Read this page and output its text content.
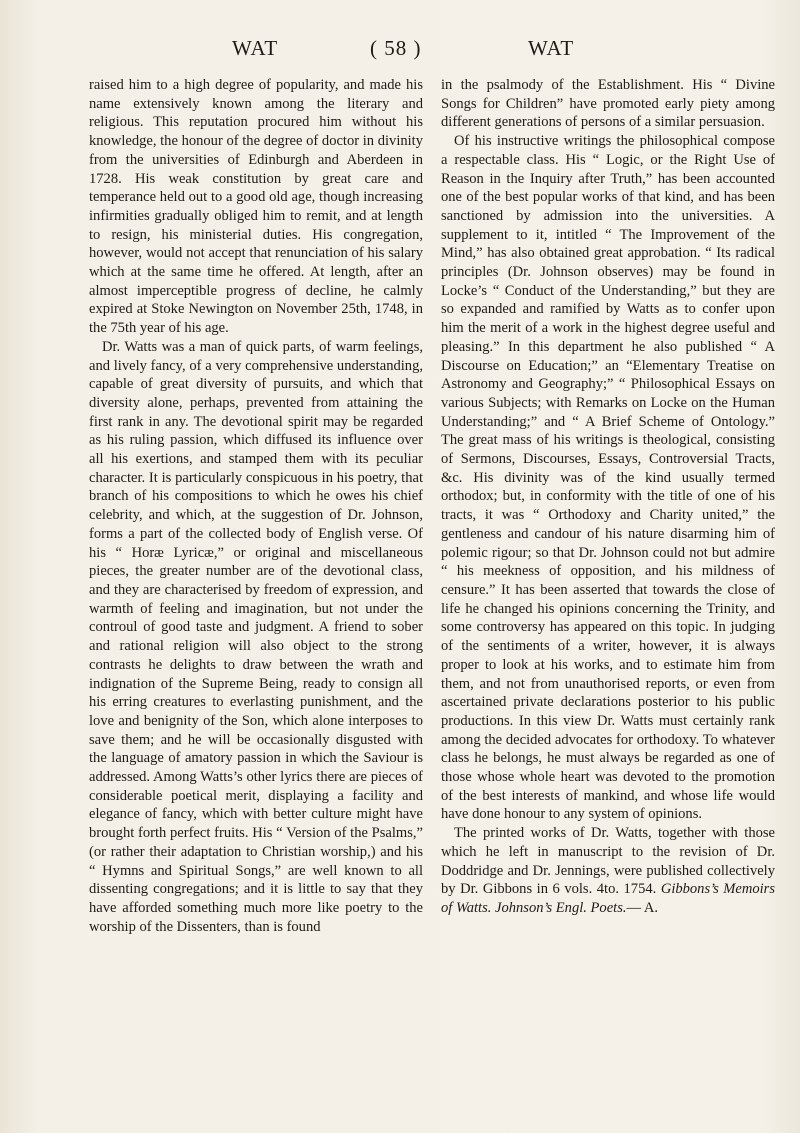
WAT	( 58 )	WAT

raised him to a high degree of popularity, and made his name extensively known among the literary and religious. This reputation procured him without his knowledge, the honour of the degree of doctor in divinity from the universities of Edinburgh and Aberdeen in 1728. His weak constitution by great care and temperance held out to a good old age, though increasing infirmities gradually obliged him to remit, and at length to resign, his ministerial duties. His congregation, however, would not accept that renunciation of his salary which at the same time he offered. At length, after an almost imperceptible progress of decline, he calmly expired at Stoke Newington on November 25th, 1748, in the 75th year of his age.

Dr. Watts was a man of quick parts, of warm feelings, and lively fancy, of a very comprehensive understanding, capable of great diversity of pursuits, and which that diversity alone, perhaps, prevented from attaining the first rank in any. The devotional spirit may be regarded as his ruling passion, which diffused its influence over all his exertions, and stamped them with its peculiar character. It is particularly conspicuous in his poetry, that branch of his compositions to which he owes his chief celebrity, and which, at the suggestion of Dr. Johnson, forms a part of the collected body of English verse. Of his “ Horæ Lyricæ,” or original and miscellaneous pieces, the greater number are of the devotional class, and they are characterised by freedom of expression, and warmth of feeling and imagination, but not under the controul of good taste and judgment. A friend to sober and rational religion will also object to the strong contrasts he delights to draw between the wrath and indignation of the Supreme Being, ready to consign all his erring creatures to everlasting punishment, and the love and benignity of the Son, which alone interposes to save them; and he will be occasionally disgusted with the language of amatory passion in which the Saviour is addressed. Among Watts’s other lyrics there are pieces of considerable poetical merit, displaying a facility and elegance of fancy, which with better culture might have brought forth perfect fruits. His “ Version of the Psalms,” (or rather their adaptation to Christian worship,) and his “ Hymns and Spiritual Songs,” are well known to all dissenting congregations; and it is little to say that they have afforded something much more like poetry to the worship of the Dissenters, than is found

in the psalmody of the Establishment. His “ Divine Songs for Children” have promoted early piety among different generations of persons of a similar persuasion.

Of his instructive writings the philosophical compose a respectable class. His “ Logic, or the Right Use of Reason in the Inquiry after Truth,” has been accounted one of the best popular works of that kind, and has been sanctioned by admission into the universities. A supplement to it, intitled “ The Improvement of the Mind,” has also obtained great approbation. “ Its radical principles (Dr. Johnson observes) may be found in Locke’s “ Conduct of the Understanding,” but they are so expanded and ramified by Watts as to confer upon him the merit of a work in the highest degree useful and pleasing.” In this department he also published “ A Discourse on Education;” an “Elementary Treatise on Astronomy and Geography;” “ Philosophical Essays on various Subjects; with Remarks on Locke on the Human Understanding;” and “ A Brief Scheme of Ontology.” The great mass of his writings is theological, consisting of Sermons, Discourses, Essays, Controversial Tracts, &c. His divinity was of the kind usually termed orthodox; but, in conformity with the title of one of his tracts, it was “ Orthodoxy and Charity united,” the gentleness and candour of his nature disarming him of polemic rigour; so that Dr. Johnson could not but admire “ his meekness of opposition, and his mildness of censure.” It has been asserted that towards the close of life he changed his opinions concerning the Trinity, and some controversy has appeared on this topic. In judging of the sentiments of a writer, however, it is always proper to look at his works, and to estimate him from them, and not from unauthorised reports, or even from ascertained private declarations posterior to his public productions. In this view Dr. Watts must certainly rank among the decided advocates for orthodoxy. To whatever class he belongs, he must always be regarded as one of those whose whole heart was devoted to the promotion of the best interests of mankind, and whose life would have done honour to any system of opinions.

The printed works of Dr. Watts, together with those which he left in manuscript to the revision of Dr. Doddridge and Dr. Jennings, were published collectively by Dr. Gibbons in 6 vols. 4to. 1754. Gibbons’s Memoirs of Watts. Johnson’s Engl. Poets.— A.
